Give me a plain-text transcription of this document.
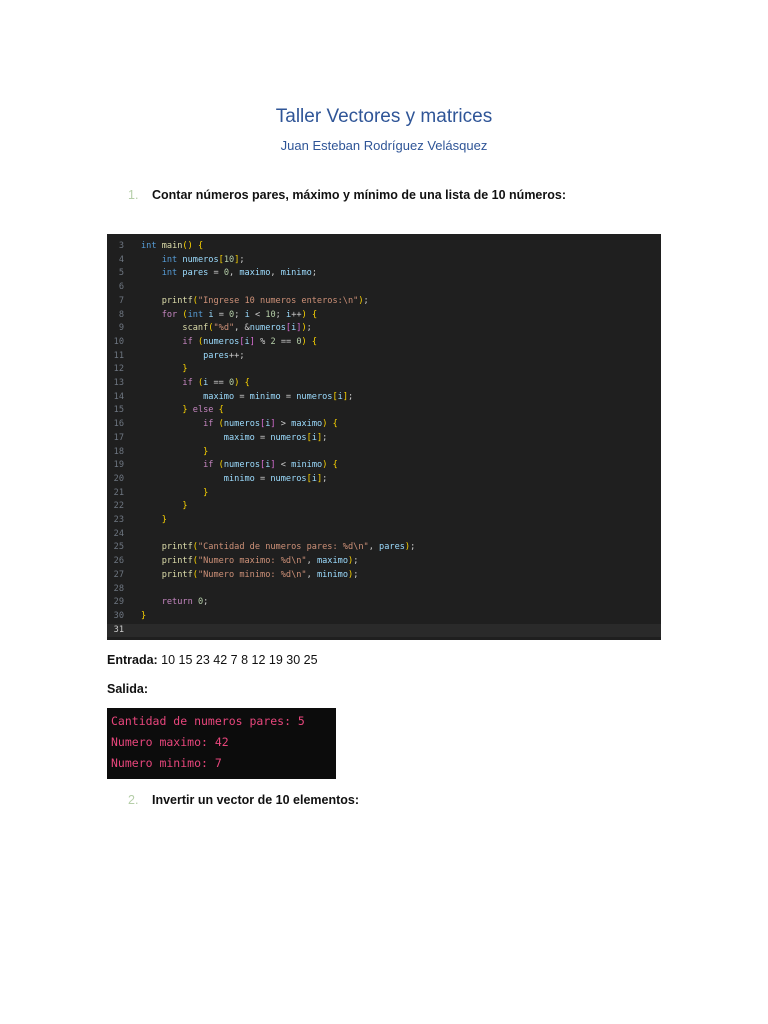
Taller Vectores y matrices
Juan Esteban Rodríguez Velásquez
1. Contar números pares, máximo y mínimo de una lista de 10 números:
3 int main() {
4	int numeros[10];
5	int pares = 0, maximo, minimo;
6
7	printf("Ingrese 10 numeros enteros:\n");
8	for (int i = 0; i < 10; i++) {
9	scanf("%d", &numeros[i]);
10	if (numeros[i] % 2 == 0) {
11	pares++;
12	}
13	if (i == 0) {
14	maximo = minimo = numeros[i];
15	} else {
16	if (numeros[i] > maximo) {
17	maximo = numeros[i];
18	}
19	if (numeros[i] < minimo) {
20	minimo = numeros[i];
21	}
22	}
23	}
24
25	printf("Cantidad de numeros pares: %d\n", pares);
26	printf("Numero maximo: %d\n", maximo);
27	printf("Numero minimo: %d\n", minimo);
28
29	return 0;
30 }
31
Entrada: 10 15 23 42 7 8 12 19 30 25
Salida:
Cantidad de numeros pares: 5
Numero maximo: 42
Numero minimo: 7
2. Invertir un vector de 10 elementos:
